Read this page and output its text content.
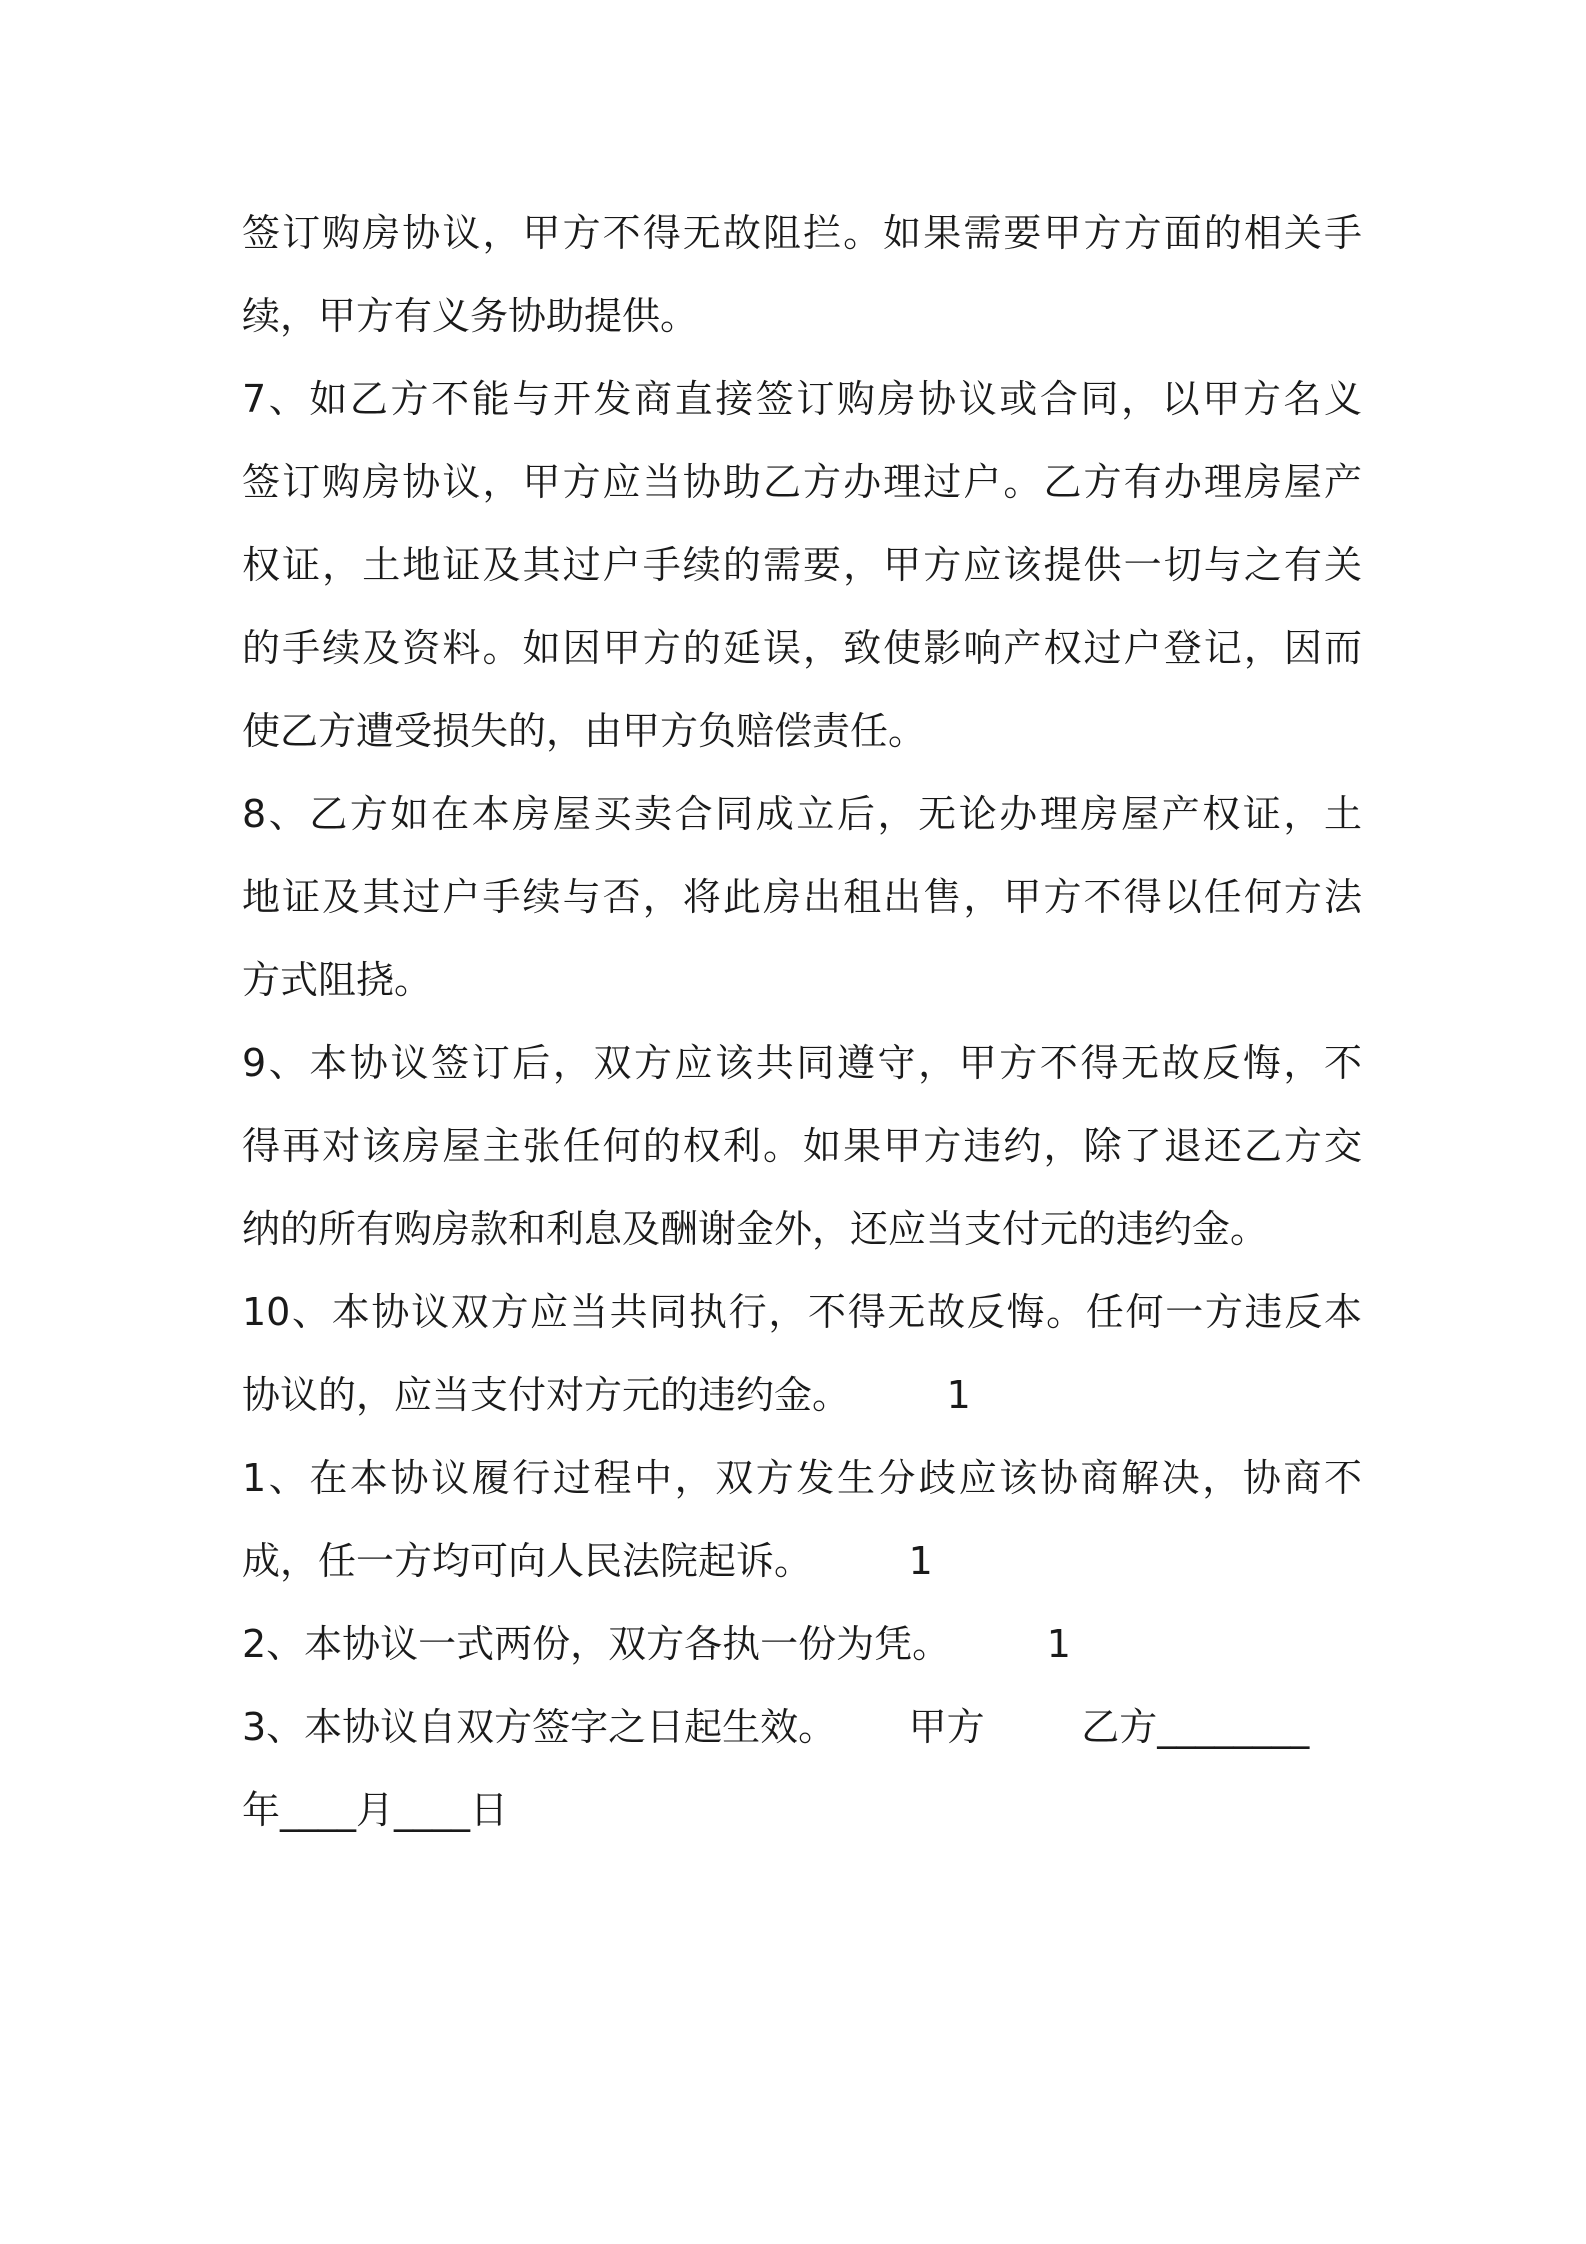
签订购房协议，甲方不得无故阻拦。如果需要甲方方面的相关手
续，甲方有义务协助提供。
7、如乙方不能与开发商直接签订购房协议或合同，以甲方名义
签订购房协议，甲方应当协助乙方办理过户。乙方有办理房屋产
权证，土地证及其过户手续的需要，甲方应该提供一切与之有关
的手续及资料。如因甲方的延误，致使影响产权过户登记，因而
使乙方遭受损失的，由甲方负赔偿责任。
8、乙方如在本房屋买卖合同成立后，无论办理房屋产权证，土
地证及其过户手续与否，将此房出租出售，甲方不得以任何方法
方式阻挠。
9、本协议签订后，双方应该共同遵守，甲方不得无故反悔，不
得再对该房屋主张任何的权利。如果甲方违约，除了退还乙方交
纳的所有购房款和利息及酬谢金外，还应当支付元的违约金。
10、本协议双方应当共同执行，不得无故反悔。任何一方违反本
协议的，应当支付对方元的违约金。        1
1、在本协议履行过程中，双方发生分歧应该协商解决，协商不
成，任一方均可向人民法院起诉。        1
2、本协议一式两份，双方各执一份为凭。        1
3、本协议自双方签字之日起生效。      甲方        乙方________
年____月____日
